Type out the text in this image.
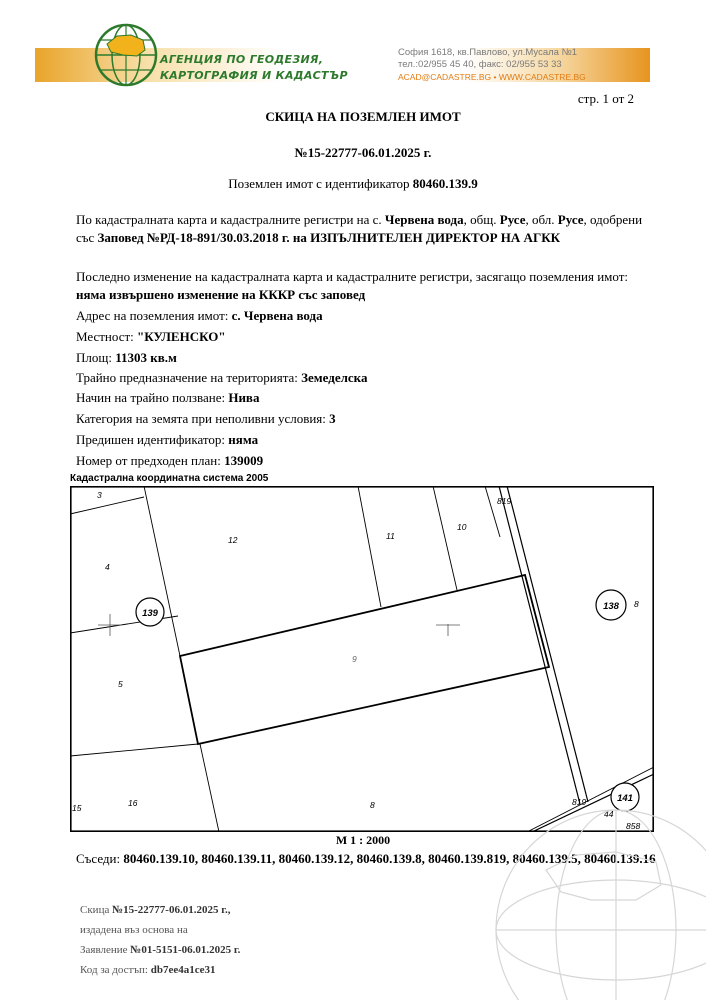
АГЕНЦИЯ ПО ГЕОДЕЗИЯ,
КАРТОГРАФИЯ И КАДАСТЪР
София 1618, кв.Павлово, ул.Мусала №1
тел.:02/955 45 40, факс: 02/955 53 33
ACAD@CADASTRE.BG • WWW.CADASTRE.BG
стр. 1 от 2
СКИЦА НА ПОЗЕМЛЕН ИМОТ
№15-22777-06.01.2025 г.
Поземлен имот с идентификатор 80460.139.9
По кадастралната карта и кадастралните регистри на с. Червена вода, общ. Русе, обл. Русе, одобрени със Заповед №РД-18-891/30.03.2018 г. на ИЗПЪЛНИТЕЛЕН ДИРЕКТОР НА АГКК
Последно изменение на кадастралната карта и кадастралните регистри, засягащо поземления имот: няма извършено изменение на КККР със заповед
Адрес на поземления имот: с. Червена вода
Местност: "КУЛЕНСКО"
Площ: 11303 кв.м
Трайно предназначение на територията: Земеделска
Начин на трайно ползване: Нива
Категория на земята при неполивни условия: 3
Предишен идентификатор: няма
Номер от предходен план: 139009
Кадастрална координатна система 2005
3
4
12	11
10
819
5
9
8
16
15	8	819
44
858
139
138
141
М 1 : 2000
Съседи: 80460.139.10, 80460.139.11, 80460.139.12, 80460.139.8, 80460.139.819, 80460.139.5, 80460.139.16
Скица №15-22777-06.01.2025 г.,
издадена въз основа на
Заявление №01-5151-06.01.2025 г.
Код за достъп: db7ee4a1ce31
